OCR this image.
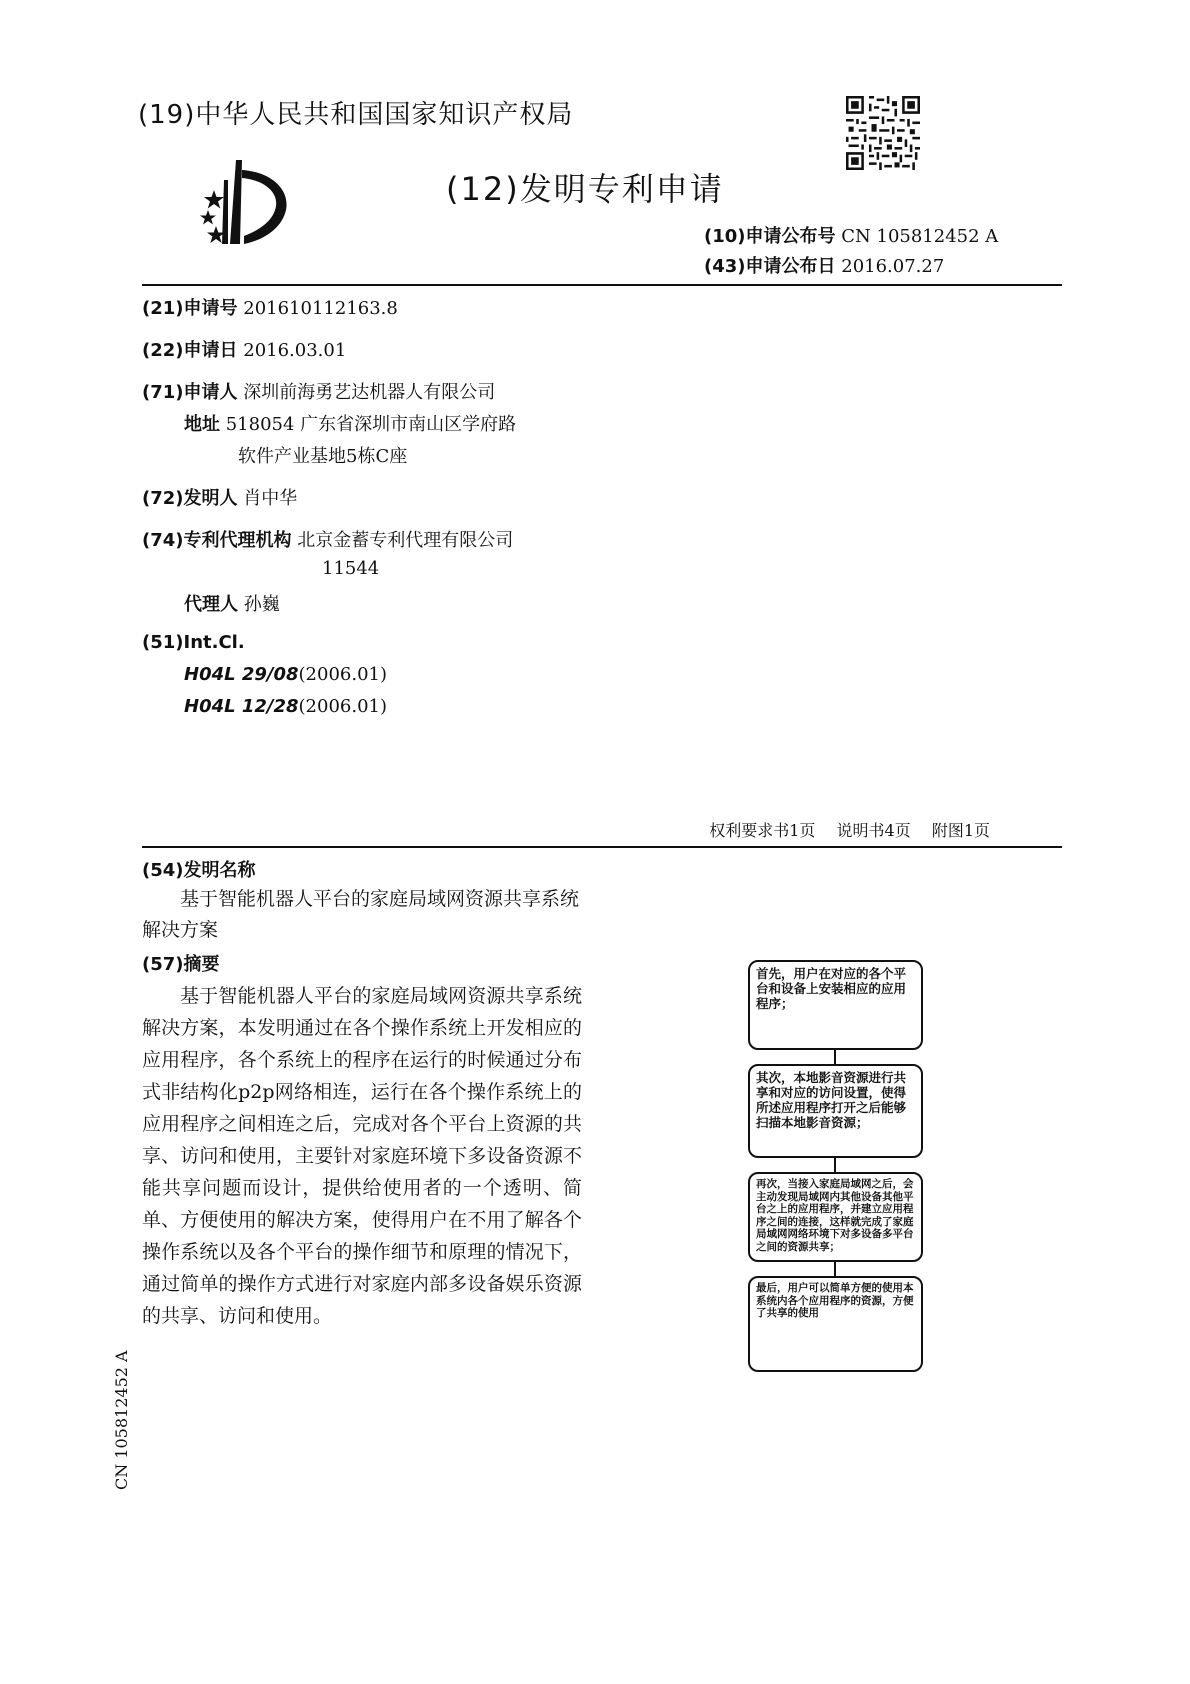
(19)中华人民共和国国家知识产权局
(12)发明专利申请
(10)申请公布号 CN 105812452 A
(43)申请公布日 2016.07.27
(21)申请号 201610112163.8
(22)申请日 2016.03.01
(71)申请人 深圳前海勇艺达机器人有限公司
地址 518054 广东省深圳市南山区学府路
软件产业基地5栋C座
(72)发明人 肖中华
(74)专利代理机构 北京金蓄专利代理有限公司
11544
代理人 孙巍
(51)Int.Cl.
H04L 29/08(2006.01)
H04L 12/28(2006.01)
权利要求书1页 说明书4页 附图1页
(54)发明名称
基于智能机器人平台的家庭局域网资源共享系统解决方案
(57)摘要
基于智能机器人平台的家庭局域网资源共享系统解决方案，本发明通过在各个操作系统上开发相应的应用程序，各个系统上的程序在运行的时候通过分布式非结构化p2p网络相连，运行在各个操作系统上的应用程序之间相连之后，完成对各个平台上资源的共享、访问和使用，主要针对家庭环境下多设备资源不能共享问题而设计，提供给使用者的一个透明、简单、方便使用的解决方案，使得用户在不用了解各个操作系统以及各个平台的操作细节和原理的情况下，通过简单的操作方式进行对家庭内部多设备娱乐资源的共享、访问和使用。
首先，用户在对应的各个平台和设备上安装相应的应用程序；
其次，本地影音资源进行共享和对应的访问设置，使得所述应用程序打开之后能够扫描本地影音资源；
再次，当接入家庭局域网之后，会主动发现局域网内其他设备其他平台之上的应用程序，并建立应用程序之间的连接，这样就完成了家庭局域网网络环境下对多设备多平台之间的资源共享；
最后，用户可以简单方便的使用本系统内各个应用程序的资源，方便了共享的使用
CN 105812452 A
